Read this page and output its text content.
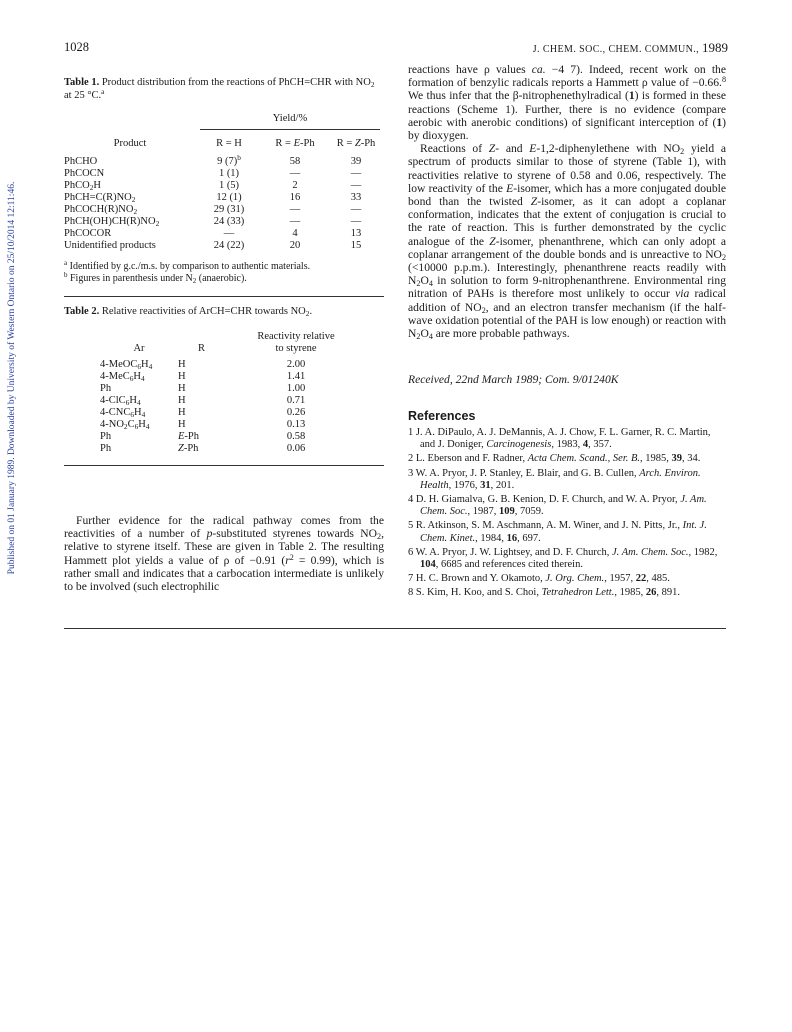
Published on 01 January 1989. Downloaded by University of Western Ontario on 25/10/2014 12:11:46.
1028	J. CHEM. SOC., CHEM. COMMUN., 1989
Table 1. Product distribution from the reactions of PhCH=CHR with $NO_2$ at 25 °C.$^a$
Yield/%
Product	R = H	R = E-Ph	R = Z-Ph

PhCHO	9 $(7)^b$	58	39
PhCOCN	1 (1)	—	—
PhCO$_2$H	1 (5)	2	—
$PhCH=C(R)NO_2$	12 (1)	16	33
$PhCOCH(R)NO_2$	29 (31)	—	—
$PhCH(OH)CH(R)NO_2$	24 (33)	—	—
PhCOCOR	—	4	13
Unidentified products	24 (22)	20	15

$^a$ Identified by g.c./m.s. by comparison to authentic materials.

$^b$ Figures in parenthesis under $N_2$ (anaerobic).

Table 2. Relative reactivities of ArCH=CHR towards $NO_2$.
		Reactivity relative
Ar	R	to styrene

$4-MeOC_6H_4$	H	2.00
$4-MeC_6H_4$	H	1.41
Ph	H	1.00
$4-ClC_6H_4$	H	0.71
$4-CNC_6H_4$	H	0.26
$4-NO_2C_6H_4$	H	0.13
Ph	E-Ph	0.58
Ph	Z-Ph	0.06

Further evidence for the radical pathway comes from the reactivities of a number of p-substituted styrenes towards $NO_2$, relative to styrene itself. These are given in Table 2. The resulting Hammett plot yields a value of ρ of −0.91 $(r^2 = 0.99)$, which is rather small and indicates that a carbocation intermediate is unlikely to be involved (such electrophilic

reactions have ρ values ca. −4 7). Indeed, recent work on the formation of benzylic radicals reports a Hammett ρ value of −0.66.$^8$ We thus infer that the β-nitrophenethylradical (1) is formed in these reactions (Scheme 1). Further, there is no evidence (compare aerobic with anerobic conditions) of significant interception of (1) by dioxygen.

Reactions of Z- and E-1,2-diphenylethene with $NO_2$ yield a spectrum of products similar to those of styrene (Table 1), with reactivities relative to styrene of 0.58 and 0.06, respectively. The low reactivity of the E-isomer, which has a more conjugated double bond than the twisted Z-isomer, as it can adopt a coplanar conformation, indicates that the extent of conjugation is crucial to the rate of reaction. This is further demonstrated by the cyclic analogue of the Z-isomer, phenanthrene, which can only adopt a coplanar arrangement of the double bonds and is unreactive to $NO_2$ (<10000 p.p.m.). Interestingly, phenanthrene reacts readily with $N_2O_4$ in solution to form 9-nitrophenanthrene. Environmental ring nitration of PAHs is therefore most unlikely to occur via radical addition of $NO_2$, and an electron transfer mechanism (if the half-wave oxidation potential of the PAH is low enough) or reaction with $N_2O_4$ are more probable pathways.

Received, 22nd March 1989; Com. 9/01240K
References

1 J. A. DiPaulo, A. J. DeMannis, A. J. Chow, F. L. Garner, R. C. Martin, and J. Doniger, Carcinogenesis, 1983, 4, 357.

2 L. Eberson and F. Radner, Acta Chem. Scand., Ser. B., 1985, 39, 34.

3 W. A. Pryor, J. P. Stanley, E. Blair, and G. B. Cullen, Arch. Environ. Health, 1976, 31, 201.

4 D. H. Giamalva, G. B. Kenion, D. F. Church, and W. A. Pryor, J. Am. Chem. Soc., 1987, 109, 7059.

5 R. Atkinson, S. M. Aschmann, A. M. Winer, and J. N. Pitts, Jr., Int. J. Chem. Kinet., 1984, 16, 697.

6 W. A. Pryor, J. W. Lightsey, and D. F. Church, J. Am. Chem. Soc., 1982, 104, 6685 and references cited therein.

7 H. C. Brown and Y. Okamoto, J. Org. Chem., 1957, 22, 485.

8 S. Kim, H. Koo, and S. Choi, Tetrahedron Lett., 1985, 26, 891.
